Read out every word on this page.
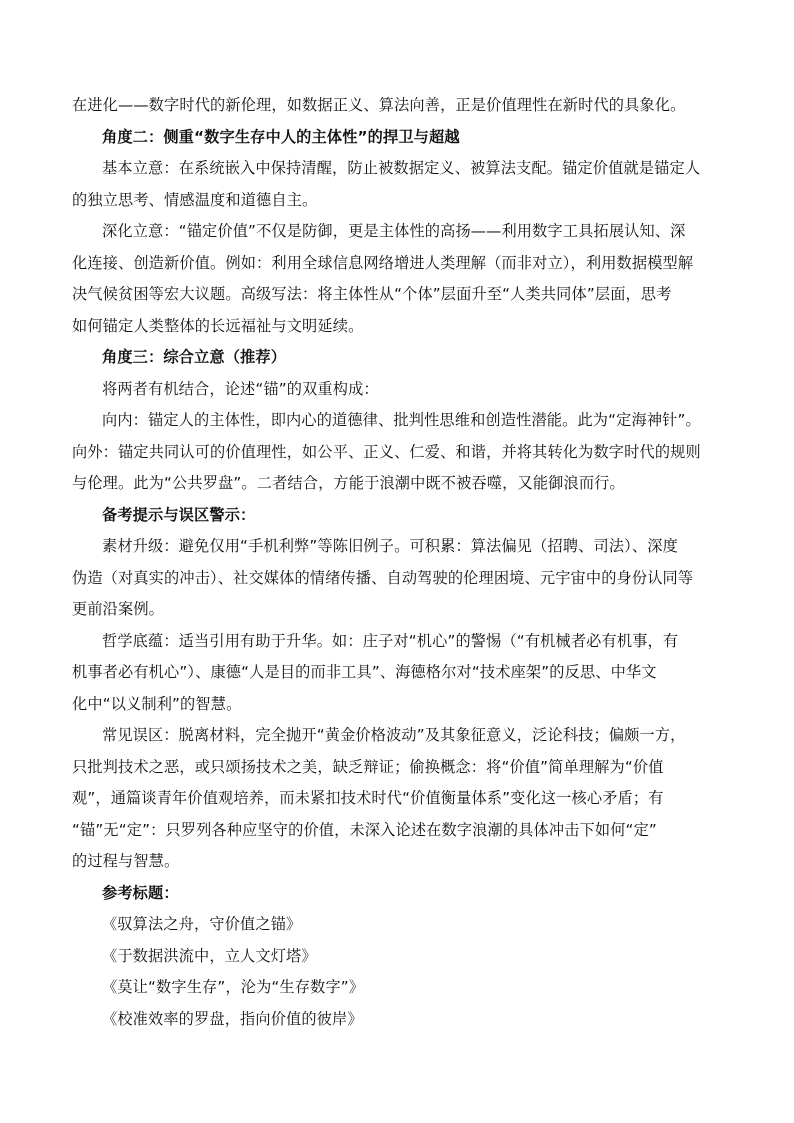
在进化——数字时代的新伦理，如数据正义、算法向善，正是价值理性在新时代的具象化。
角度二：侧重“数字生存中人的主体性”的捍卫与超越
基本立意：在系统嵌入中保持清醒，防止被数据定义、被算法支配。锚定价值就是锚定人
的独立思考、情感温度和道德自主。
深化立意：“锚定价值”不仅是防御，更是主体性的高扬——利用数字工具拓展认知、深
化连接、创造新价值。例如：利用全球信息网络增进人类理解（而非对立），利用数据模型解
决气候贫困等宏大议题。高级写法：将主体性从“个体”层面升至“人类共同体”层面，思考
如何锚定人类整体的长远福祉与文明延续。
角度三：综合立意（推荐）
将两者有机结合，论述“锚”的双重构成：
向内：锚定人的主体性，即内心的道德律、批判性思维和创造性潜能。此为“定海神针”。
向外：锚定共同认可的价值理性，如公平、正义、仁爱、和谐，并将其转化为数字时代的规则
与伦理。此为“公共罗盘”。二者结合，方能于浪潮中既不被吞噬，又能御浪而行。
备考提示与误区警示：
素材升级：避免仅用“手机利弊”等陈旧例子。可积累：算法偏见（招聘、司法）、深度
伪造（对真实的冲击）、社交媒体的情绪传播、自动驾驶的伦理困境、元宇宙中的身份认同等
更前沿案例。
哲学底蕴：适当引用有助于升华。如：庄子对“机心”的警惕（“有机械者必有机事，有
机事者必有机心”）、康德“人是目的而非工具”、海德格尔对“技术座架”的反思、中华文
化中“以义制利”的智慧。
常见误区：脱离材料，完全抛开“黄金价格波动”及其象征意义，泛论科技；偏颇一方，
只批判技术之恶，或只颂扬技术之美，缺乏辩证；偷换概念：将“价值”简单理解为“价值
观”，通篇谈青年价值观培养，而未紧扣技术时代“价值衡量体系”变化这一核心矛盾；有
“锚”无“定”：只罗列各种应坚守的价值，未深入论述在数字浪潮的具体冲击下如何“定”
的过程与智慧。
参考标题：
《驭算法之舟，守价值之锚》
《于数据洪流中，立人文灯塔》
《莫让“数字生存”，沦为“生存数字”》
《校准效率的罗盘，指向价值的彼岸》
